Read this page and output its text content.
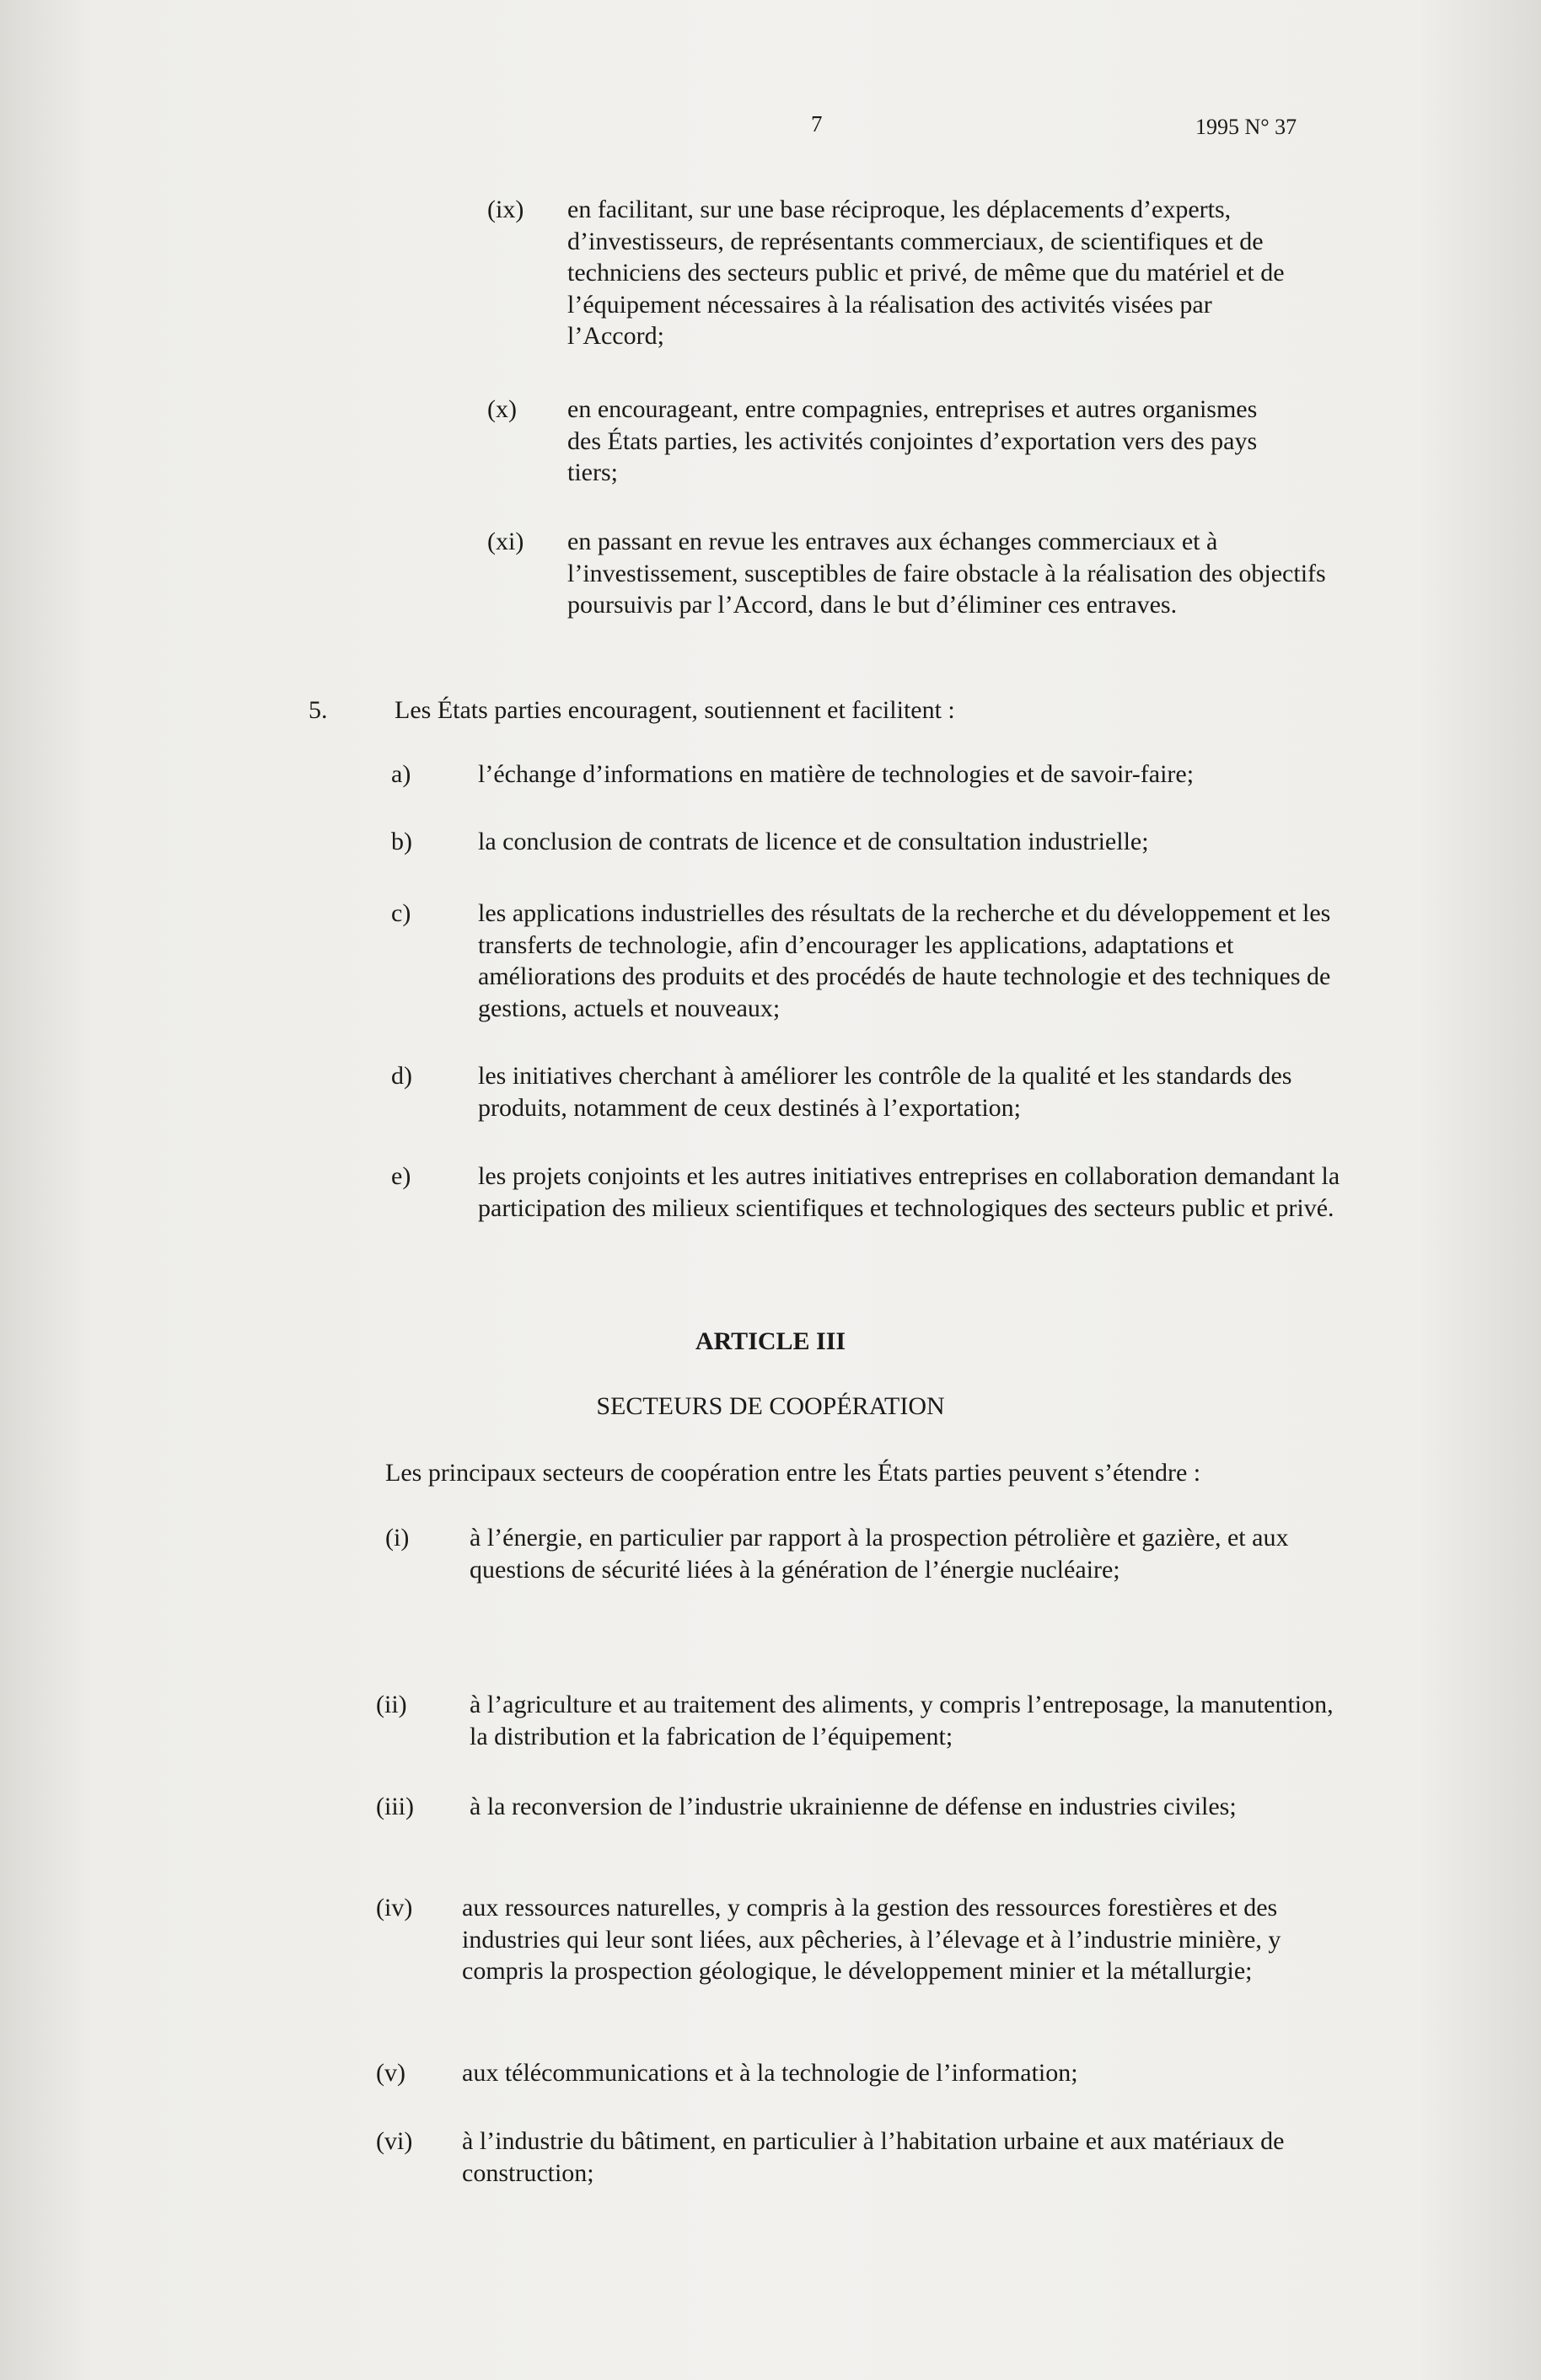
7	1995 N° 37
(ix) en facilitant, sur une base réciproque, les déplacements d’experts, d’investisseurs, de représentants commerciaux, de scientifiques et de techniciens des secteurs public et privé, de même que du matériel et de l’équipement nécessaires à la réalisation des activités visées par l’Accord;
(x) en encourageant, entre compagnies, entreprises et autres organismes des États parties, les activités conjointes d’exportation vers des pays tiers;
(xi) en passant en revue les entraves aux échanges commerciaux et à l’investissement, susceptibles de faire obstacle à la réalisation des objectifs poursuivis par l’Accord, dans le but d’éliminer ces entraves.
5.	Les États parties encouragent, soutiennent et facilitent :
a)	l’échange d’informations en matière de technologies et de savoir-faire;
b)	la conclusion de contrats de licence et de consultation industrielle;
c)	les applications industrielles des résultats de la recherche et du développement et les transferts de technologie, afin d’encourager les applications, adaptations et améliorations des produits et des procédés de haute technologie et des techniques de gestions, actuels et nouveaux;
d)	les initiatives cherchant à améliorer les contrôle de la qualité et les standards des produits, notamment de ceux destinés à l’exportation;
e)	les projets conjoints et les autres initiatives entreprises en collaboration demandant la participation des milieux scientifiques et technologiques des secteurs public et privé.
ARTICLE III
SECTEURS DE COOPÉRATION
Les principaux secteurs de coopération entre les États parties peuvent s’étendre :
(i) à l’énergie, en particulier par rapport à la prospection pétrolière et gazière, et aux questions de sécurité liées à la génération de l’énergie nucléaire;
(ii) à l’agriculture et au traitement des aliments, y compris l’entreposage, la manutention, la distribution et la fabrication de l’équipement;
(iii) à la reconversion de l’industrie ukrainienne de défense en industries civiles;
(iv) aux ressources naturelles, y compris à la gestion des ressources forestières et des industries qui leur sont liées, aux pêcheries, à l’élevage et à l’industrie minière, y compris la prospection géologique, le développement minier et la métallurgie;
(v) aux télécommunications et à la technologie de l’information;
(vi) à l’industrie du bâtiment, en particulier à l’habitation urbaine et aux matériaux de construction;
